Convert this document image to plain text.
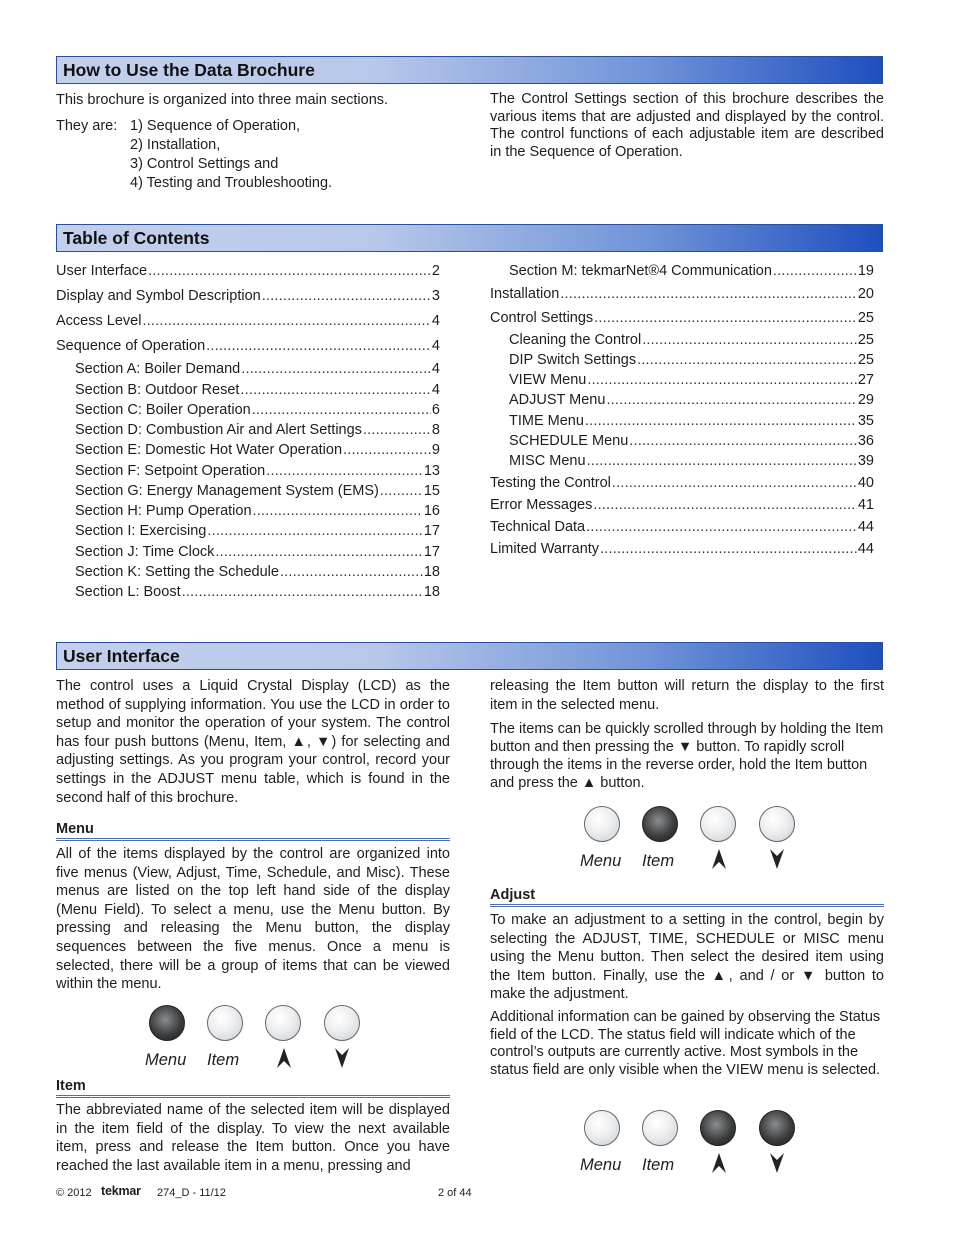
How to Use the Data Brochure
This brochure is organized into three main sections.
They are: 1) Sequence of Operation,
2) Installation,
3) Control Settings and
4) Testing and Troubleshooting.
The Control Settings section of this brochure describes the various items that are adjusted and displayed by the control. The control functions of each adjustable item are described in the Sequence of Operation.
Table of Contents
User Interface .....	2
Display and Symbol Description .....	3
Access Level .....	4
Sequence of Operation .....	4
Section A: Boiler Demand .....	4
Section B: Outdoor Reset .....	4
Section C: Boiler Operation .....	6
Section D: Combustion Air and Alert Settings .....	8
Section E: Domestic Hot Water Operation .....	9
Section F: Setpoint Operation .....	13
Section G: Energy Management System (EMS) .....	15
Section H: Pump Operation .....	16
Section I: Exercising .....	17
Section J: Time Clock .....	17
Section K: Setting the Schedule .....	18
Section L: Boost .....	18
Section M: tekmarNet®4 Communication .....	19
Installation .....	20
Control Settings .....	25
Cleaning the Control .....	25
DIP Switch Settings .....	25
VIEW Menu .....	27
ADJUST Menu .....	29
TIME Menu .....	35
SCHEDULE Menu .....	36
MISC Menu .....	39
Testing the Control .....	40
Error Messages .....	41
Technical Data .....	44
Limited Warranty .....	44
User Interface
The control uses a Liquid Crystal Display (LCD) as the method of supplying information. You use the LCD in order to setup and monitor the operation of your system. The control has four push buttons (Menu, Item, ▲, ▼) for selecting and adjusting settings. As you program your control, record your settings in the ADJUST menu table, which is found in the second half of this brochure.
Menu
All of the items displayed by the control are organized into five menus (View, Adjust, Time, Schedule, and Misc). These menus are listed on the top left hand side of the display (Menu Field). To select a menu, use the Menu button. By pressing and releasing the Menu button, the display sequences between the five menus. Once a menu is selected, there will be a group of items that can be viewed within the menu.
Menu Item
Item
The abbreviated name of the selected item will be displayed in the item field of the display. To view the next available item, press and release the Item button. Once you have reached the last available item in a menu, pressing and
releasing the Item button will return the display to the first item in the selected menu.
The items can be quickly scrolled through by holding the Item button and then pressing the ▼ button. To rapidly scroll through the items in the reverse order, hold the Item button and press the ▲ button.
Menu Item
Adjust
To make an adjustment to a setting in the control, begin by selecting the ADJUST, TIME, SCHEDULE or MISC menu using the Menu button. Then select the desired item using the Item button. Finally, use the ▲, and / or ▼ button to make the adjustment.
Additional information can be gained by observing the Status field of the LCD. The status field will indicate which of the control’s outputs are currently active. Most symbols in the status field are only visible when the VIEW menu is selected.
Menu Item
© 2012 tekmar 274_D - 11/12	2 of 44
